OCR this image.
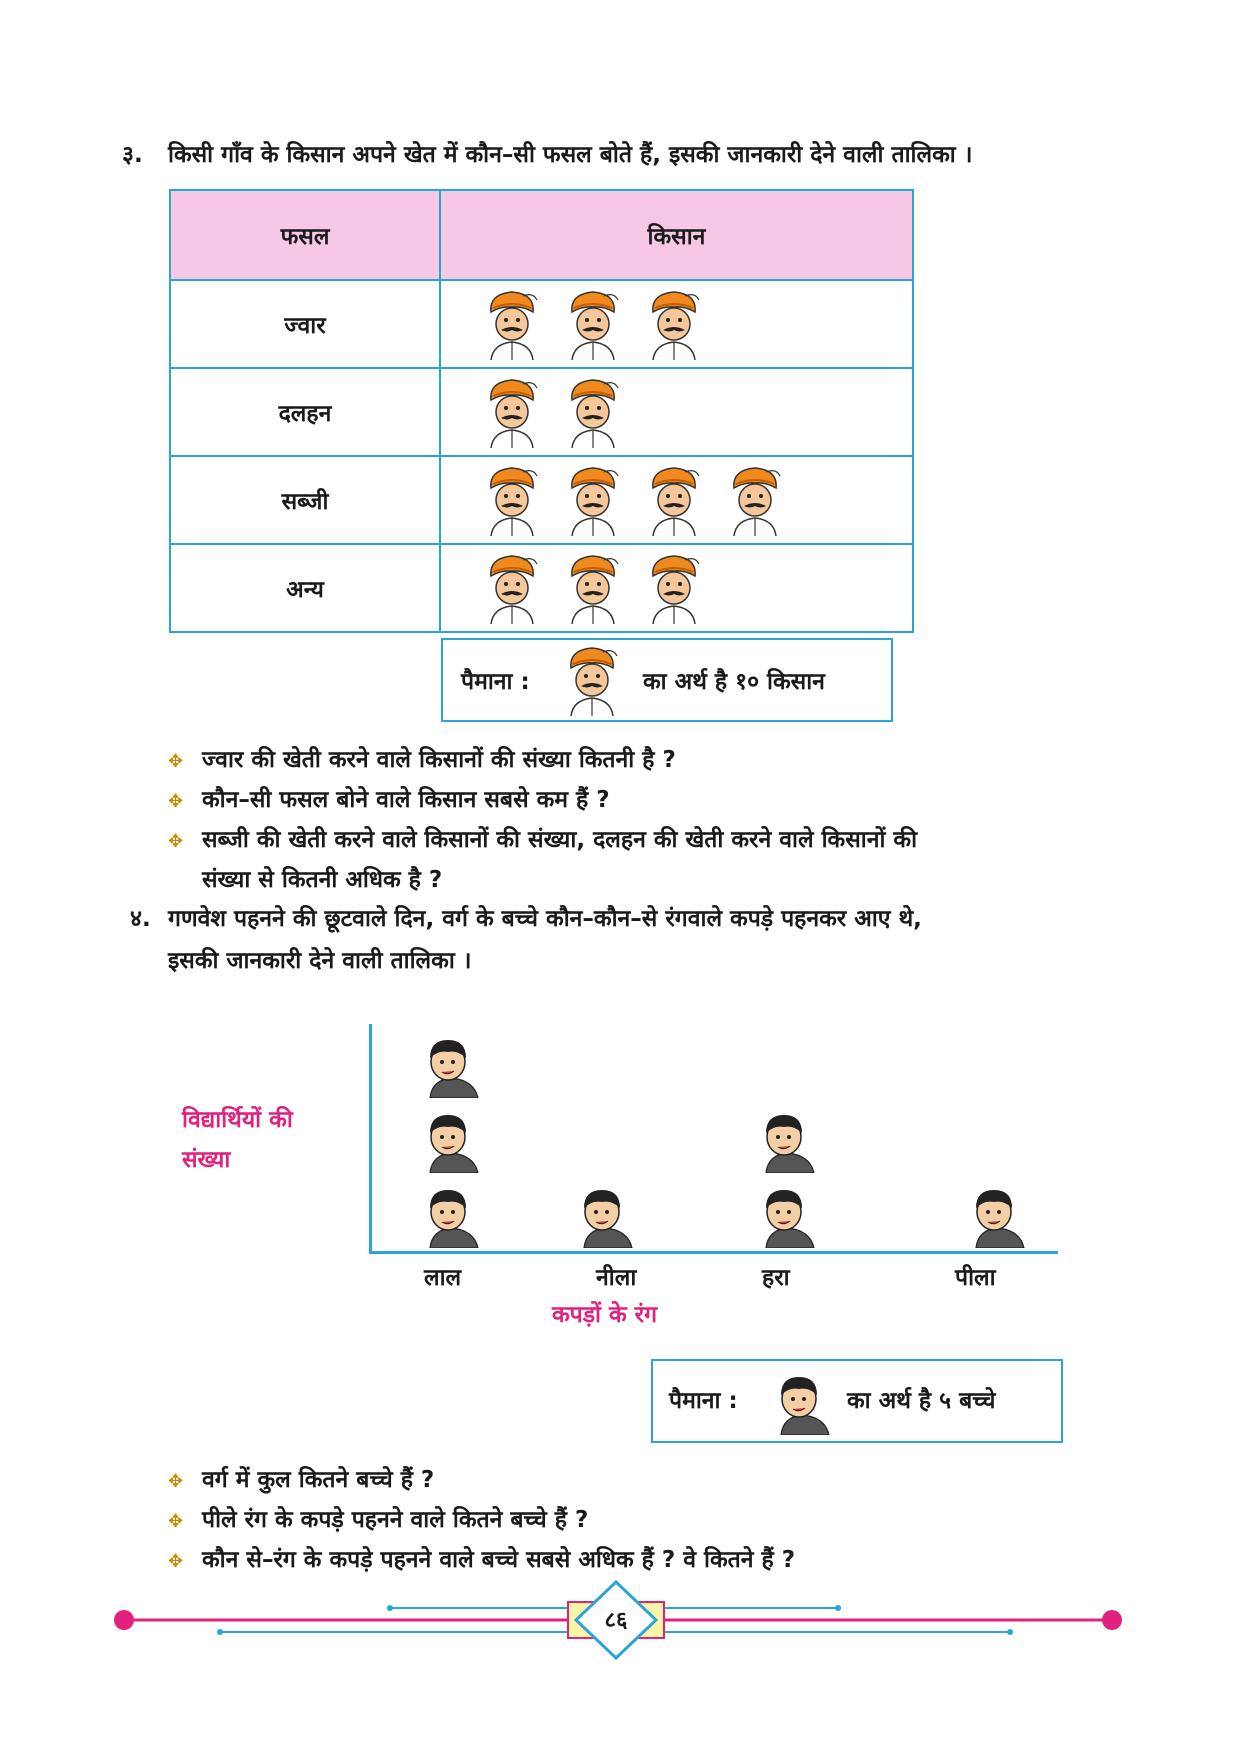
३. किसी गाँव के किसान अपने खेत में कौन–सी फसल बोते हैं, इसकी जानकारी देने वाली तालिका ।
फसल	किसान
ज्वार	
दलहन	
सब्जी	
अन्य	
पैमाना :	का अर्थ है १० किसान
✥ ज्वार की खेती करने वाले किसानों की संख्या कितनी है ?
✥ कौन–सी फसल बोने वाले किसान सबसे कम हैं ?
✥ सब्जी की खेती करने वाले किसानों की संख्या, दलहन की खेती करने वाले किसानों की
संख्या से कितनी अधिक है ?
४. गणवेश पहनने की छूटवाले दिन, वर्ग के बच्चे कौन–कौन–से रंगवाले कपड़े पहनकर आए थे,
इसकी जानकारी देने वाली तालिका ।
विद्यार्थियों की
संख्या
लाल	नीला	हरा	पीला
कपड़ों के रंग
पैमाना :	का अर्थ है ५ बच्चे
✥ वर्ग में कुल कितने बच्चे हैं ?
✥ पीले रंग के कपड़े पहनने वाले कितने बच्चे हैं ?
✥ कौन से–रंग के कपड़े पहनने वाले बच्चे सबसे अधिक हैं ? वे कितने हैं ?
८६
